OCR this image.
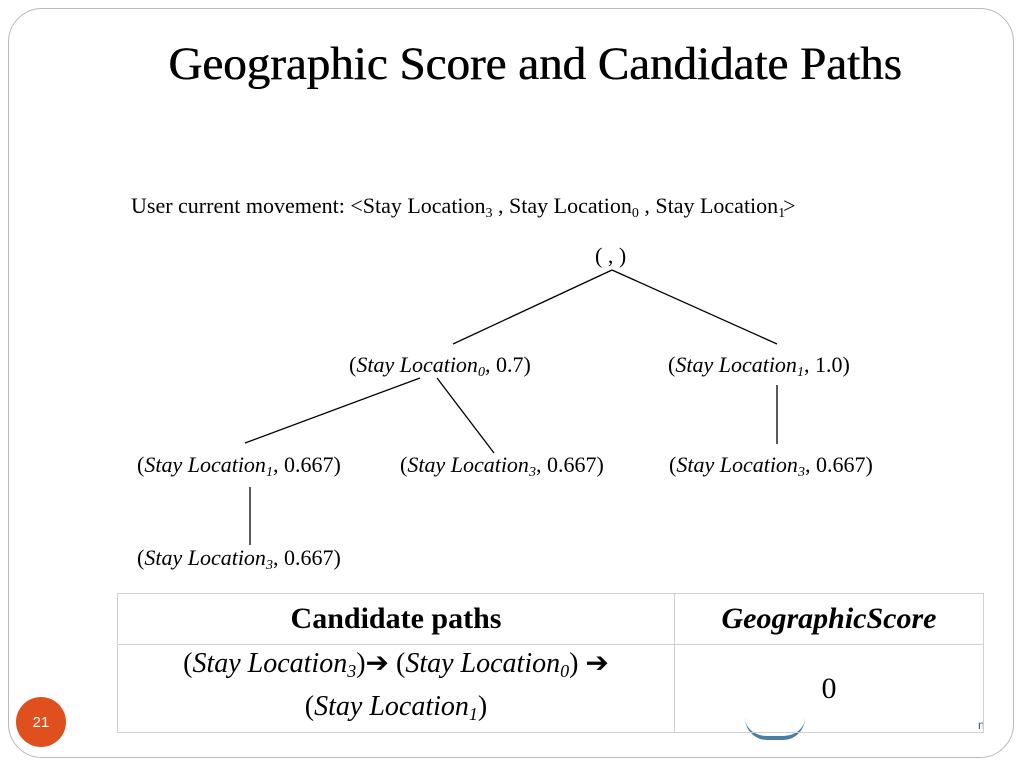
Geographic Score and Candidate Paths
User current movement: <Stay Location$_3$ , Stay Location$_0$ , Stay Location$_1$>
( , )
(Stay Location$_0$, 0.7)	(Stay Location$_1$, 1.0)
(Stay Location$_1$, 0.667)	(Stay Location$_3$, 0.667)	(Stay Location$_3$, 0.667)
(Stay Location$_3$, 0.667)
n
Candidate paths	GeographicScore
(Stay Location$_3$)➔ (Stay Location$_0$) ➔
(Stay Location$_1$)	0
21
